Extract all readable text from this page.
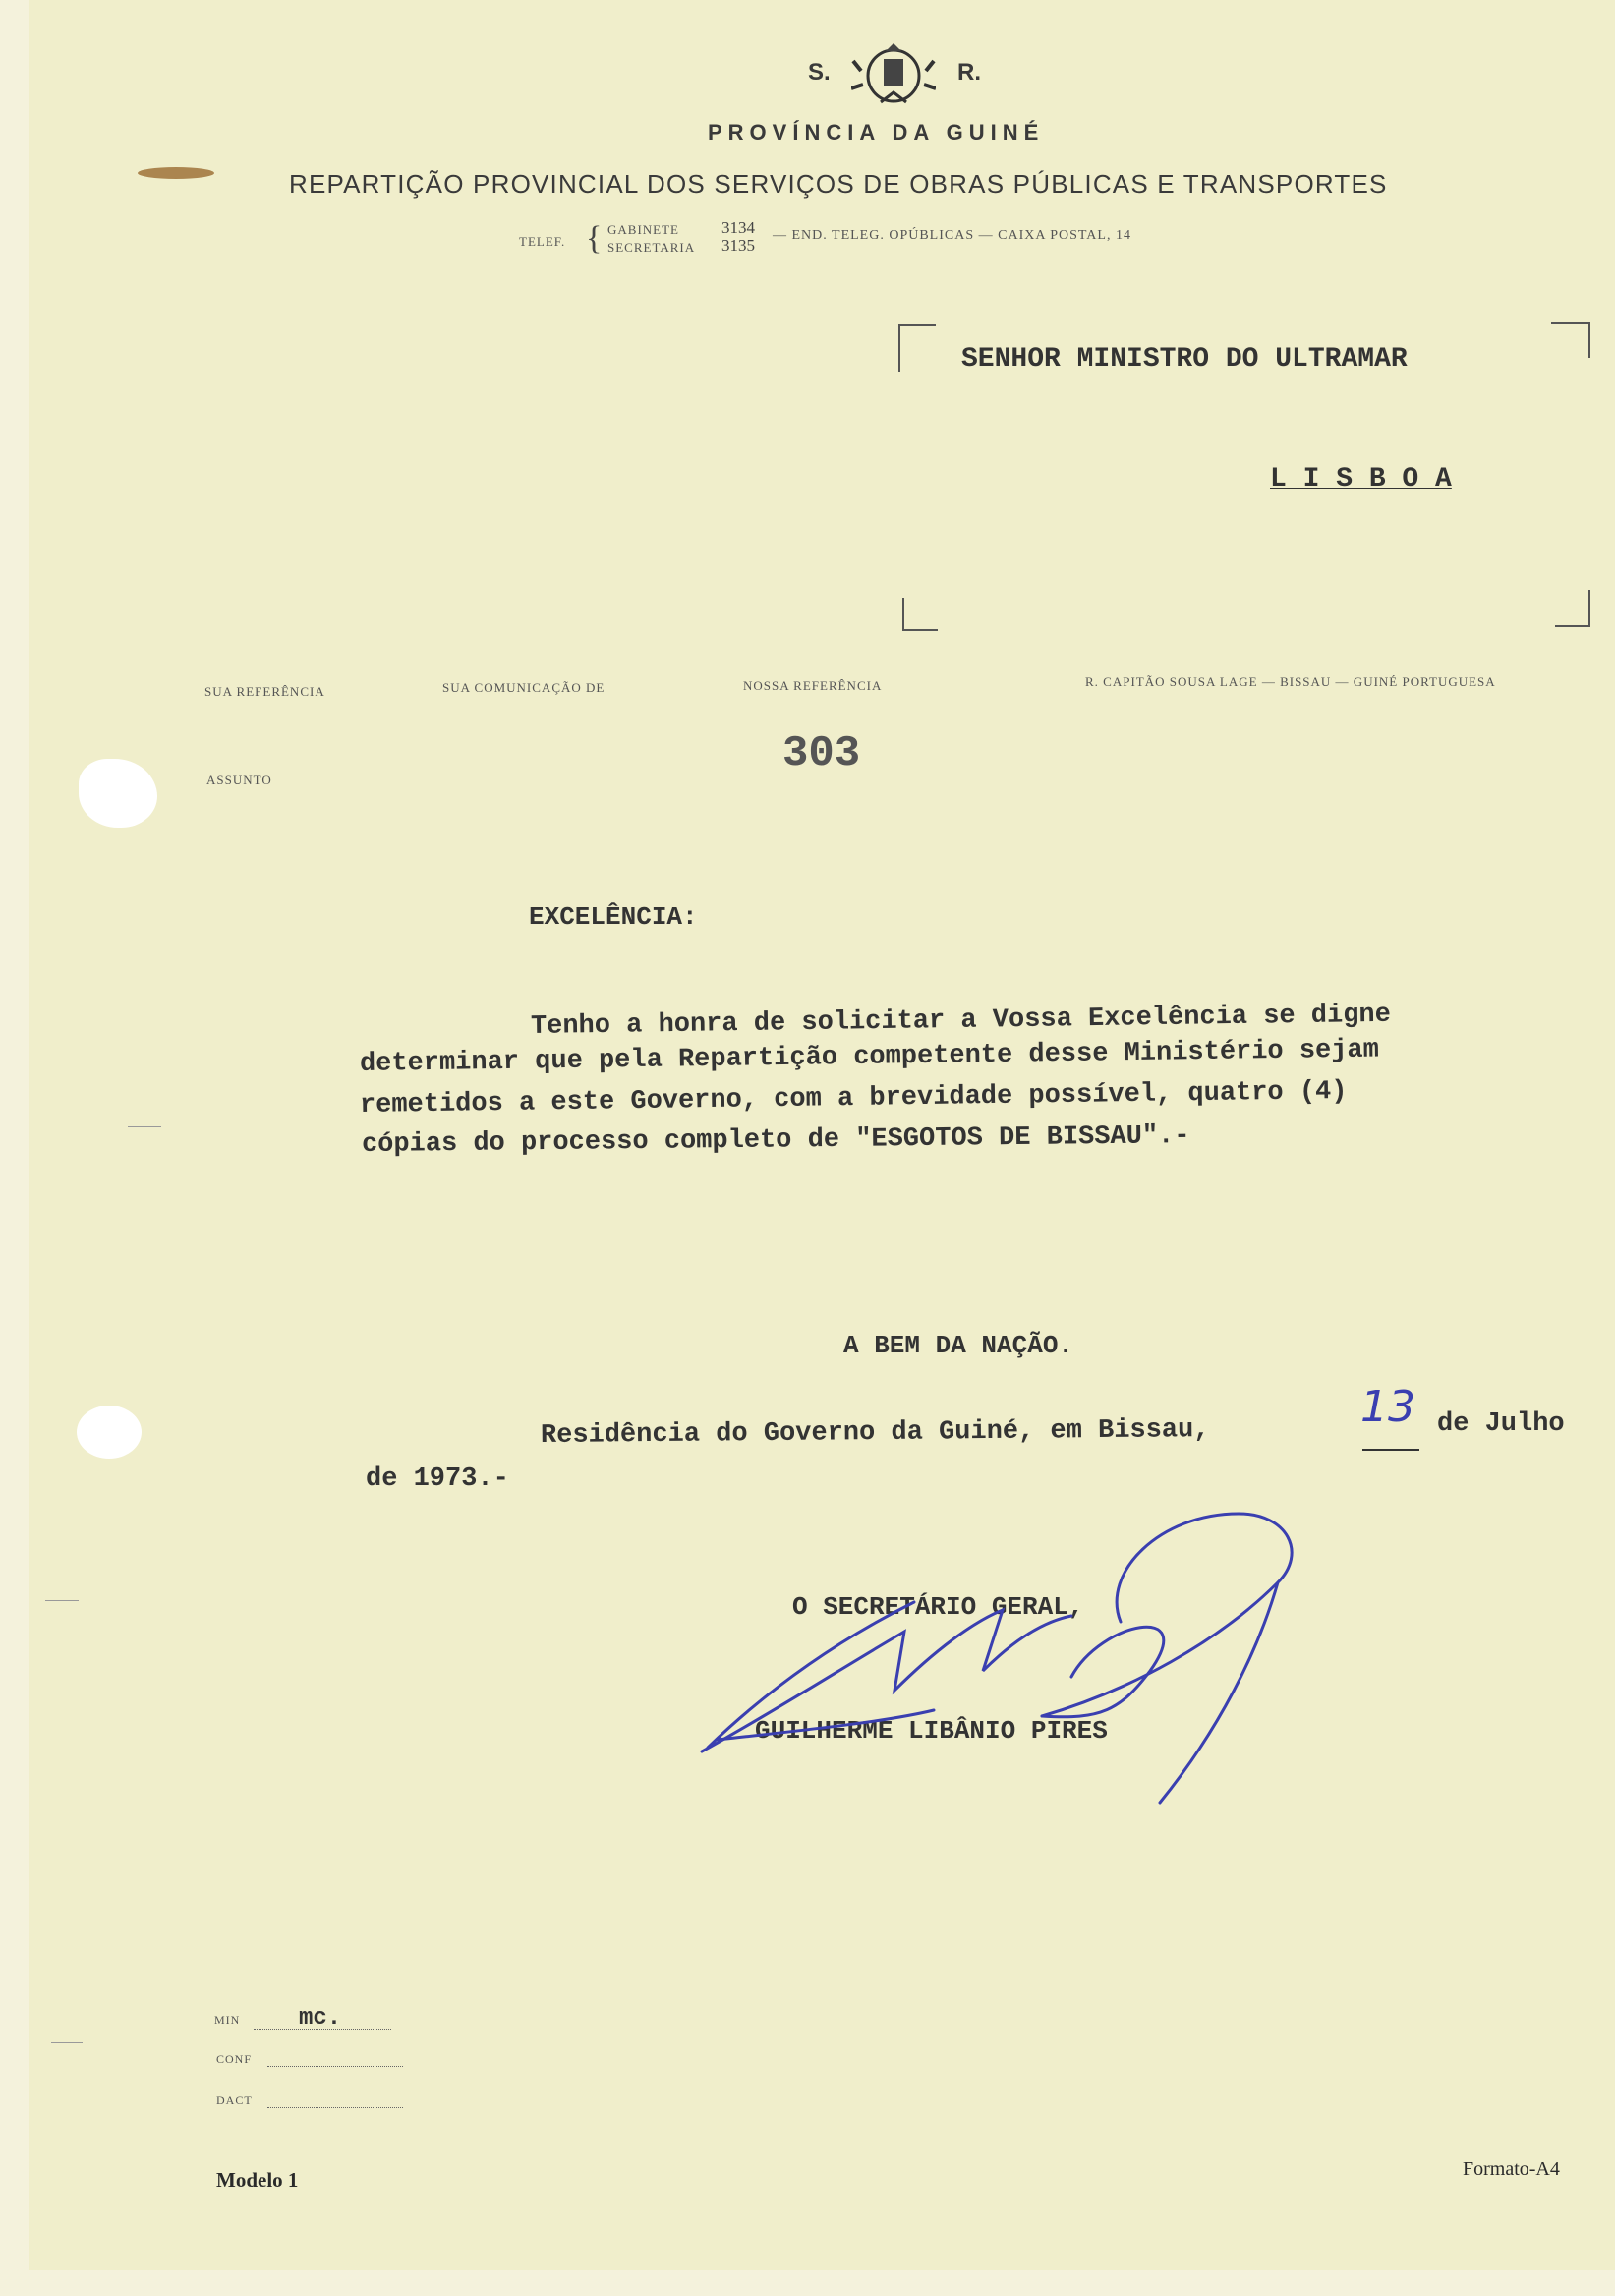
S.	R.
PROVÍNCIA DA GUINÉ
REPARTIÇÃO PROVINCIAL DOS SERVIÇOS DE OBRAS PÚBLICAS E TRANSPORTES
TELEF. { GABINETE	3134
SECRETARIA 3135
— END. TELEG. OPÚBLICAS — CAIXA POSTAL, 14
SENHOR MINISTRO DO ULTRAMAR
L I S B O A
SUA REFERÊNCIA	SUA COMUNICAÇÃO DE	NOSSA REFERÊNCIA	R. CAPITÃO SOUSA LAGE — BISSAU — GUINÉ PORTUGUESA
303
ASSUNTO
EXCELÊNCIA:
Tenho a honra de solicitar a Vossa Excelência se digne
determinar que pela Repartição competente desse Ministério sejam
remetidos a este Governo, com a brevidade possível, quatro (4)
cópias do processo completo de "ESGOTOS DE BISSAU".-
A BEM DA NAÇÃO.
Residência do Governo da Guiné, em Bissau,
13 de Julho
de 1973.-
O SECRETÁRIO GERAL,
GUILHERME LIBÂNIO PIRES
MIN mc.
CONF
DACT
Modelo 1	Formato-A4
